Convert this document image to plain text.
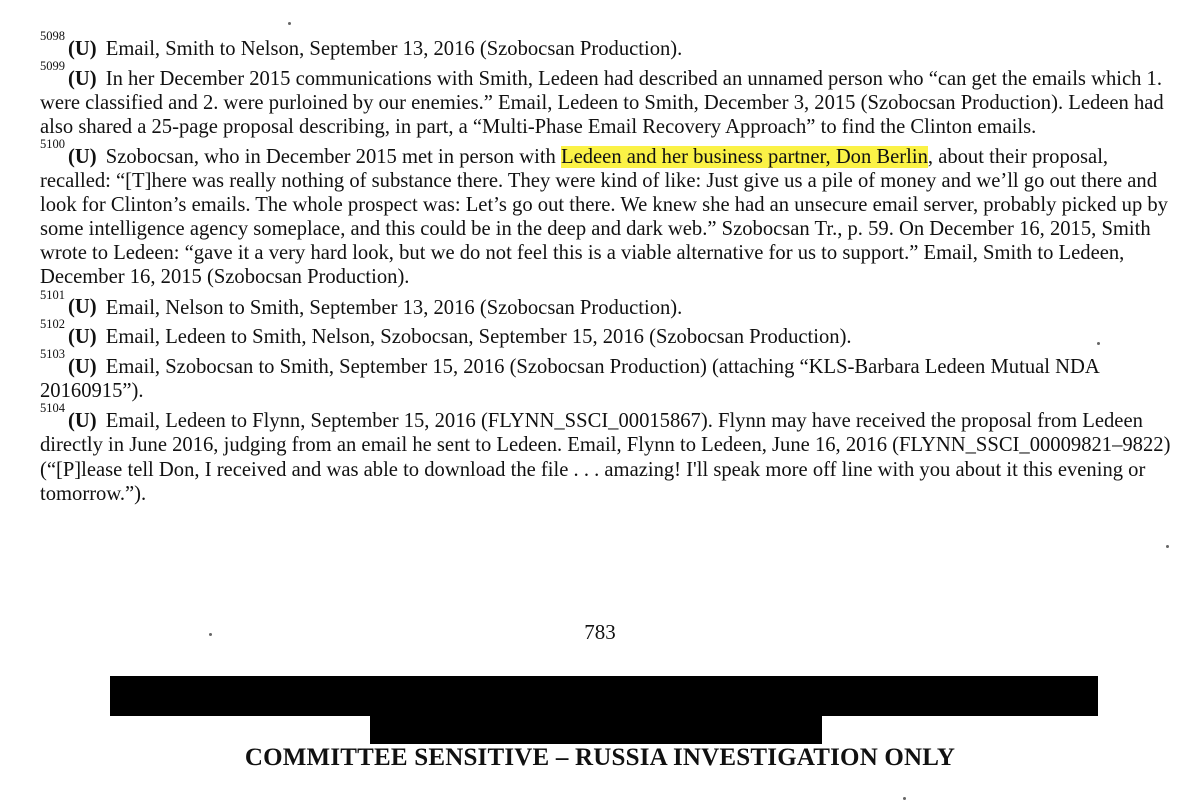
$^{5098}$(U) Email, Smith to Nelson, September 13, 2016 (Szobocsan Production).

$^{5099}$(U) In her December 2015 communications with Smith, Ledeen had described an unnamed person who “can get the emails which 1. were classified and 2. were purloined by our enemies.” Email, Ledeen to Smith, December 3, 2015 (Szobocsan Production). Ledeen had also shared a 25-page proposal describing, in part, a “Multi-Phase Email Recovery Approach” to find the Clinton emails.

$^{5100}$(U) Szobocsan, who in December 2015 met in person with Ledeen and her business partner, Don Berlin, about their proposal, recalled: “[T]here was really nothing of substance there. They were kind of like: Just give us a pile of money and we’ll go out there and look for Clinton’s emails. The whole prospect was: Let’s go out there. We knew she had an unsecure email server, probably picked up by some intelligence agency someplace, and this could be in the deep and dark web.” Szobocsan Tr., p. 59. On December 16, 2015, Smith wrote to Ledeen: “gave it a very hard look, but we do not feel this is a viable alternative for us to support.” Email, Smith to Ledeen, December 16, 2015 (Szobocsan Production).

$^{5101}$(U) Email, Nelson to Smith, September 13, 2016 (Szobocsan Production).

$^{5102}$(U) Email, Ledeen to Smith, Nelson, Szobocsan, September 15, 2016 (Szobocsan Production).

$^{5103}$(U) Email, Szobocsan to Smith, September 15, 2016 (Szobocsan Production) (attaching “KLS-Barbara Ledeen Mutual NDA 20160915”).

$^{5104}$(U) Email, Ledeen to Flynn, September 15, 2016 (FLYNN_SSCI_00015867). Flynn may have received the proposal from Ledeen directly in June 2016, judging from an email he sent to Ledeen. Email, Flynn to Ledeen, June 16, 2016 (FLYNN_SSCI_00009821–9822) (“[P]lease tell Don, I received and was able to download the file . . . amazing! I'll speak more off line with you about it this evening or tomorrow.”).

783
COMMITTEE SENSITIVE – RUSSIA INVESTIGATION ONLY
